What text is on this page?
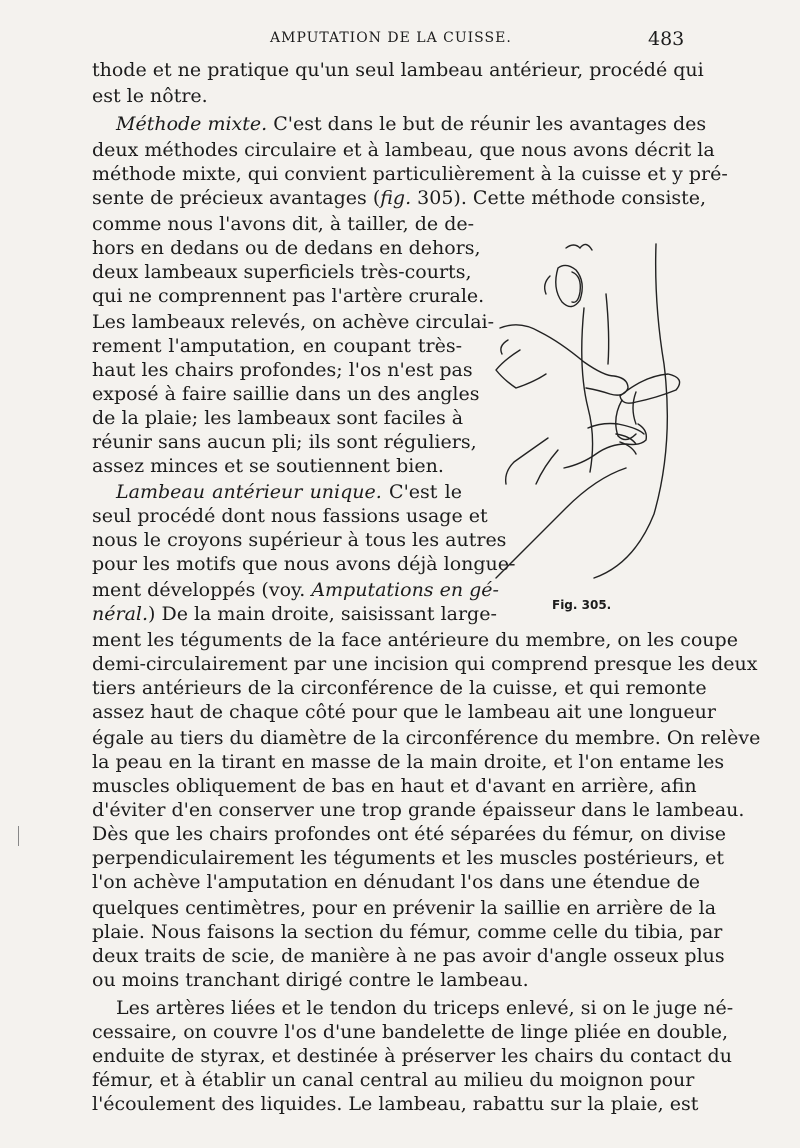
AMPUTATION DE LA CUISSE.	483
thode et ne pratique qu'un seul lambeau antérieur, procédé qui
est le nôtre.
Méthode mixte. C'est dans le but de réunir les avantages des
deux méthodes circulaire et à lambeau, que nous avons décrit la
méthode mixte, qui convient particulièrement à la cuisse et y pré-
sente de précieux avantages (fig. 305). Cette méthode consiste,
comme nous l'avons dit, à tailler, de de-
hors en dedans ou de dedans en dehors,
deux lambeaux superficiels très-courts,
qui ne comprennent pas l'artère crurale.
Les lambeaux relevés, on achève circulai-
rement l'amputation, en coupant très-
haut les chairs profondes; l'os n'est pas
exposé à faire saillie dans un des angles
de la plaie; les lambeaux sont faciles à
réunir sans aucun pli; ils sont réguliers,
assez minces et se soutiennent bien.
Lambeau antérieur unique. C'est le
seul procédé dont nous fassions usage et
nous le croyons supérieur à tous les autres
pour les motifs que nous avons déjà longue-
ment développés (voy. Amputations en gé-
néral.) De la main droite, saisissant large-
ment les téguments de la face antérieure du membre, on les coupe
demi-circulairement par une incision qui comprend presque les deux
tiers antérieurs de la circonférence de la cuisse, et qui remonte
assez haut de chaque côté pour que le lambeau ait une longueur
égale au tiers du diamètre de la circonférence du membre. On relève
la peau en la tirant en masse de la main droite, et l'on entame les
muscles obliquement de bas en haut et d'avant en arrière, afin
d'éviter d'en conserver une trop grande épaisseur dans le lambeau.
Dès que les chairs profondes ont été séparées du fémur, on divise
perpendiculairement les téguments et les muscles postérieurs, et
l'on achève l'amputation en dénudant l'os dans une étendue de
quelques centimètres, pour en prévenir la saillie en arrière de la
plaie. Nous faisons la section du fémur, comme celle du tibia, par
deux traits de scie, de manière à ne pas avoir d'angle osseux plus
ou moins tranchant dirigé contre le lambeau.
Les artères liées et le tendon du triceps enlevé, si on le juge né-
cessaire, on couvre l'os d'une bandelette de linge pliée en double,
enduite de styrax, et destinée à préserver les chairs du contact du
fémur, et à établir un canal central au milieu du moignon pour
l'écoulement des liquides. Le lambeau, rabattu sur la plaie, est
Fig. 305.
